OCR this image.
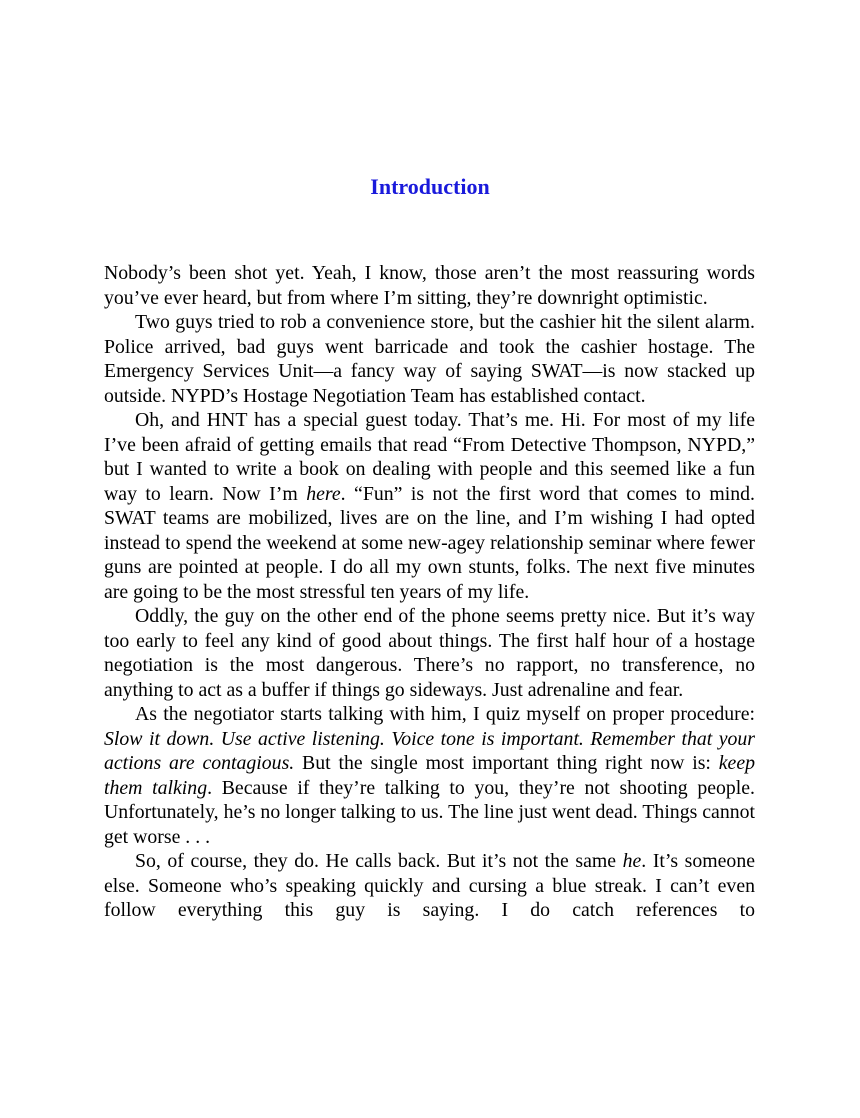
Introduction

Nobody’s been shot yet. Yeah, I know, those aren’t the most reassuring words you’ve ever heard, but from where I’m sitting, they’re downright optimistic.

Two guys tried to rob a convenience store, but the cashier hit the silent alarm. Police arrived, bad guys went barricade and took the cashier hostage. The Emergency Services Unit—a fancy way of saying SWAT—is now stacked up outside. NYPD’s Hostage Negotiation Team has established contact.

Oh, and HNT has a special guest today. That’s me. Hi. For most of my life I’ve been afraid of getting emails that read “From Detective Thompson, NYPD,” but I wanted to write a book on dealing with people and this seemed like a fun way to learn. Now I’m here. “Fun” is not the first word that comes to mind. SWAT teams are mobilized, lives are on the line, and I’m wishing I had opted instead to spend the weekend at some new-agey relationship seminar where fewer guns are pointed at people. I do all my own stunts, folks. The next five minutes are going to be the most stressful ten years of my life.

Oddly, the guy on the other end of the phone seems pretty nice. But it’s way too early to feel any kind of good about things. The first half hour of a hostage negotiation is the most dangerous. There’s no rapport, no transference, no anything to act as a buffer if things go sideways. Just adrenaline and fear.

As the negotiator starts talking with him, I quiz myself on proper procedure: Slow it down. Use active listening. Voice tone is important. Remember that your actions are contagious. But the single most important thing right now is: keep them talking. Because if they’re talking to you, they’re not shooting people. Unfortunately, he’s no longer talking to us. The line just went dead. Things cannot get worse . . .

So, of course, they do. He calls back. But it’s not the same he. It’s someone else. Someone who’s speaking quickly and cursing a blue streak. I can’t even follow everything this guy is saying. I do catch references to
